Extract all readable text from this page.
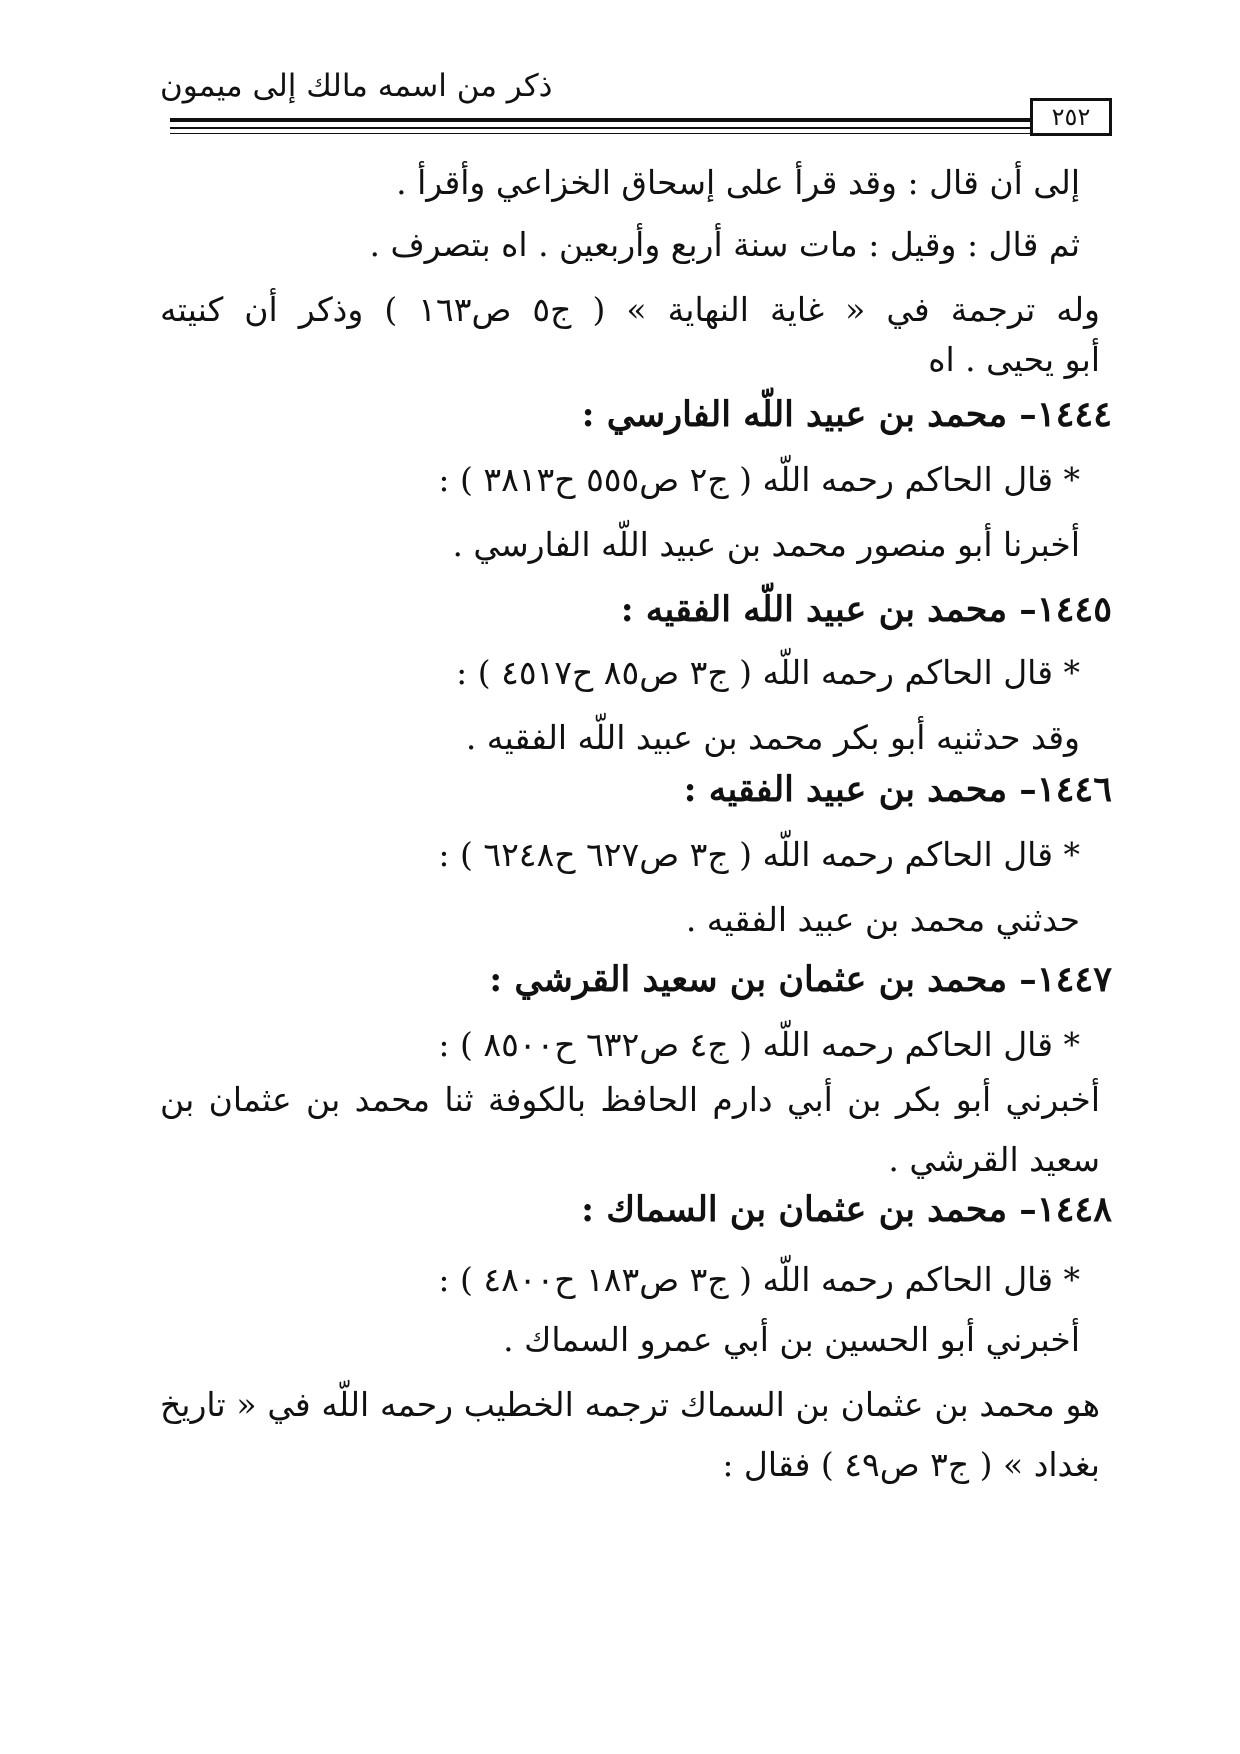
ذكر من اسمه مالك إلى ميمون
٢٥٢
إلى أن قال : وقد قرأ على إسحاق الخزاعي وأقرأ .
ثم قال : وقيل : مات سنة أربع وأربعين . اه بتصرف .
وله ترجمة في « غاية النهاية » ( ج٥ ص١٦٣ ) وذكر أن كنيته
أبو يحيى . اه
١٤٤٤– محمد بن عبيد اللّه الفارسي :
* قال الحاكم رحمه اللّه ( ج٢ ص٥٥٥ ح٣٨١٣ ) :
أخبرنا أبو منصور محمد بن عبيد اللّه الفارسي .
١٤٤٥– محمد بن عبيد اللّه الفقيه :
* قال الحاكم رحمه اللّه ( ج٣ ص٨٥ ح٤٥١٧ ) :
وقد حدثنيه أبو بكر محمد بن عبيد اللّه الفقيه .
١٤٤٦– محمد بن عبيد الفقيه :
* قال الحاكم رحمه اللّه ( ج٣ ص٦٢٧ ح٦٢٤٨ ) :
حدثني محمد بن عبيد الفقيه .
١٤٤٧– محمد بن عثمان بن سعيد القرشي :
* قال الحاكم رحمه اللّه ( ج٤ ص٦٣٢ ح٨٥٠٠ ) :
أخبرني أبو بكر بن أبي دارم الحافظ بالكوفة ثنا محمد بن عثمان بن
سعيد القرشي .
١٤٤٨– محمد بن عثمان بن السماك :
* قال الحاكم رحمه اللّه ( ج٣ ص١٨٣ ح٤٨٠٠ ) :
أخبرني أبو الحسين بن أبي عمرو السماك .
هو محمد بن عثمان بن السماك ترجمه الخطيب رحمه اللّه في « تاريخ
بغداد » ( ج٣ ص٤٩ ) فقال :
